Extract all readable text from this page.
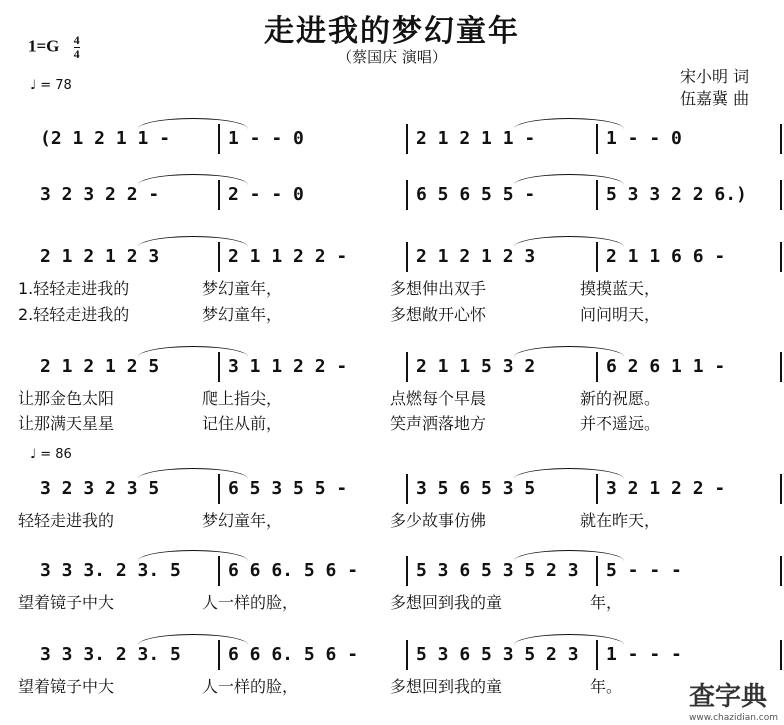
走进我的梦幻童年
（蔡国庆 演唱）
$1=G \frac{4}{4}$
♩ = 78	宋小明 词
伍嘉冀 曲
(2 1 2 1 1 -	1 - - 0	2 1 2 1 1 -	1 - - 0
3 2 3 2 2 -	2 - - 0	6 5 6 5 5 -	5 3 3 2 2 6.)
2 1 2 1 2 3	2 1 1 2 2 -	2 1 2 1 2 3	2 1 1 6 6 -
2 1 2 1 2 5	3 1 1 2 2 -	2 1 1 5 3 2	6 2 6 1 1 -
3 2 3 2 3 5	6 5 3 5 5 -	3 5 6 5 3 5	3 2 1 2 2 -
3 3 3. 2 3. 5	6 6 6. 5 6 -	5 3 6 5 3 5 2 3 5 - - -
3 3 3. 2 3. 5	6 6 6. 5 6 -	5 3 6 5 3 5 2 3 1 - - -
♩ = 86
1.轻轻走进我的	梦幻童年，	多想伸出双手	摸摸蓝天，
2.轻轻走进我的	梦幻童年，	多想敞开心怀	问问明天，
让那金色太阳	爬上指尖，	点燃每个早晨	新的祝愿。
让那满天星星	记住从前，	笑声洒落地方	并不遥远。
轻轻走进我的	梦幻童年，	多少故事仿佛	就在昨天，
望着镜子中大	人一样的脸，	多想回到我的童	年，
望着镜子中大	人一样的脸，	多想回到我的童	年。	查字典
www.chazidian.com
